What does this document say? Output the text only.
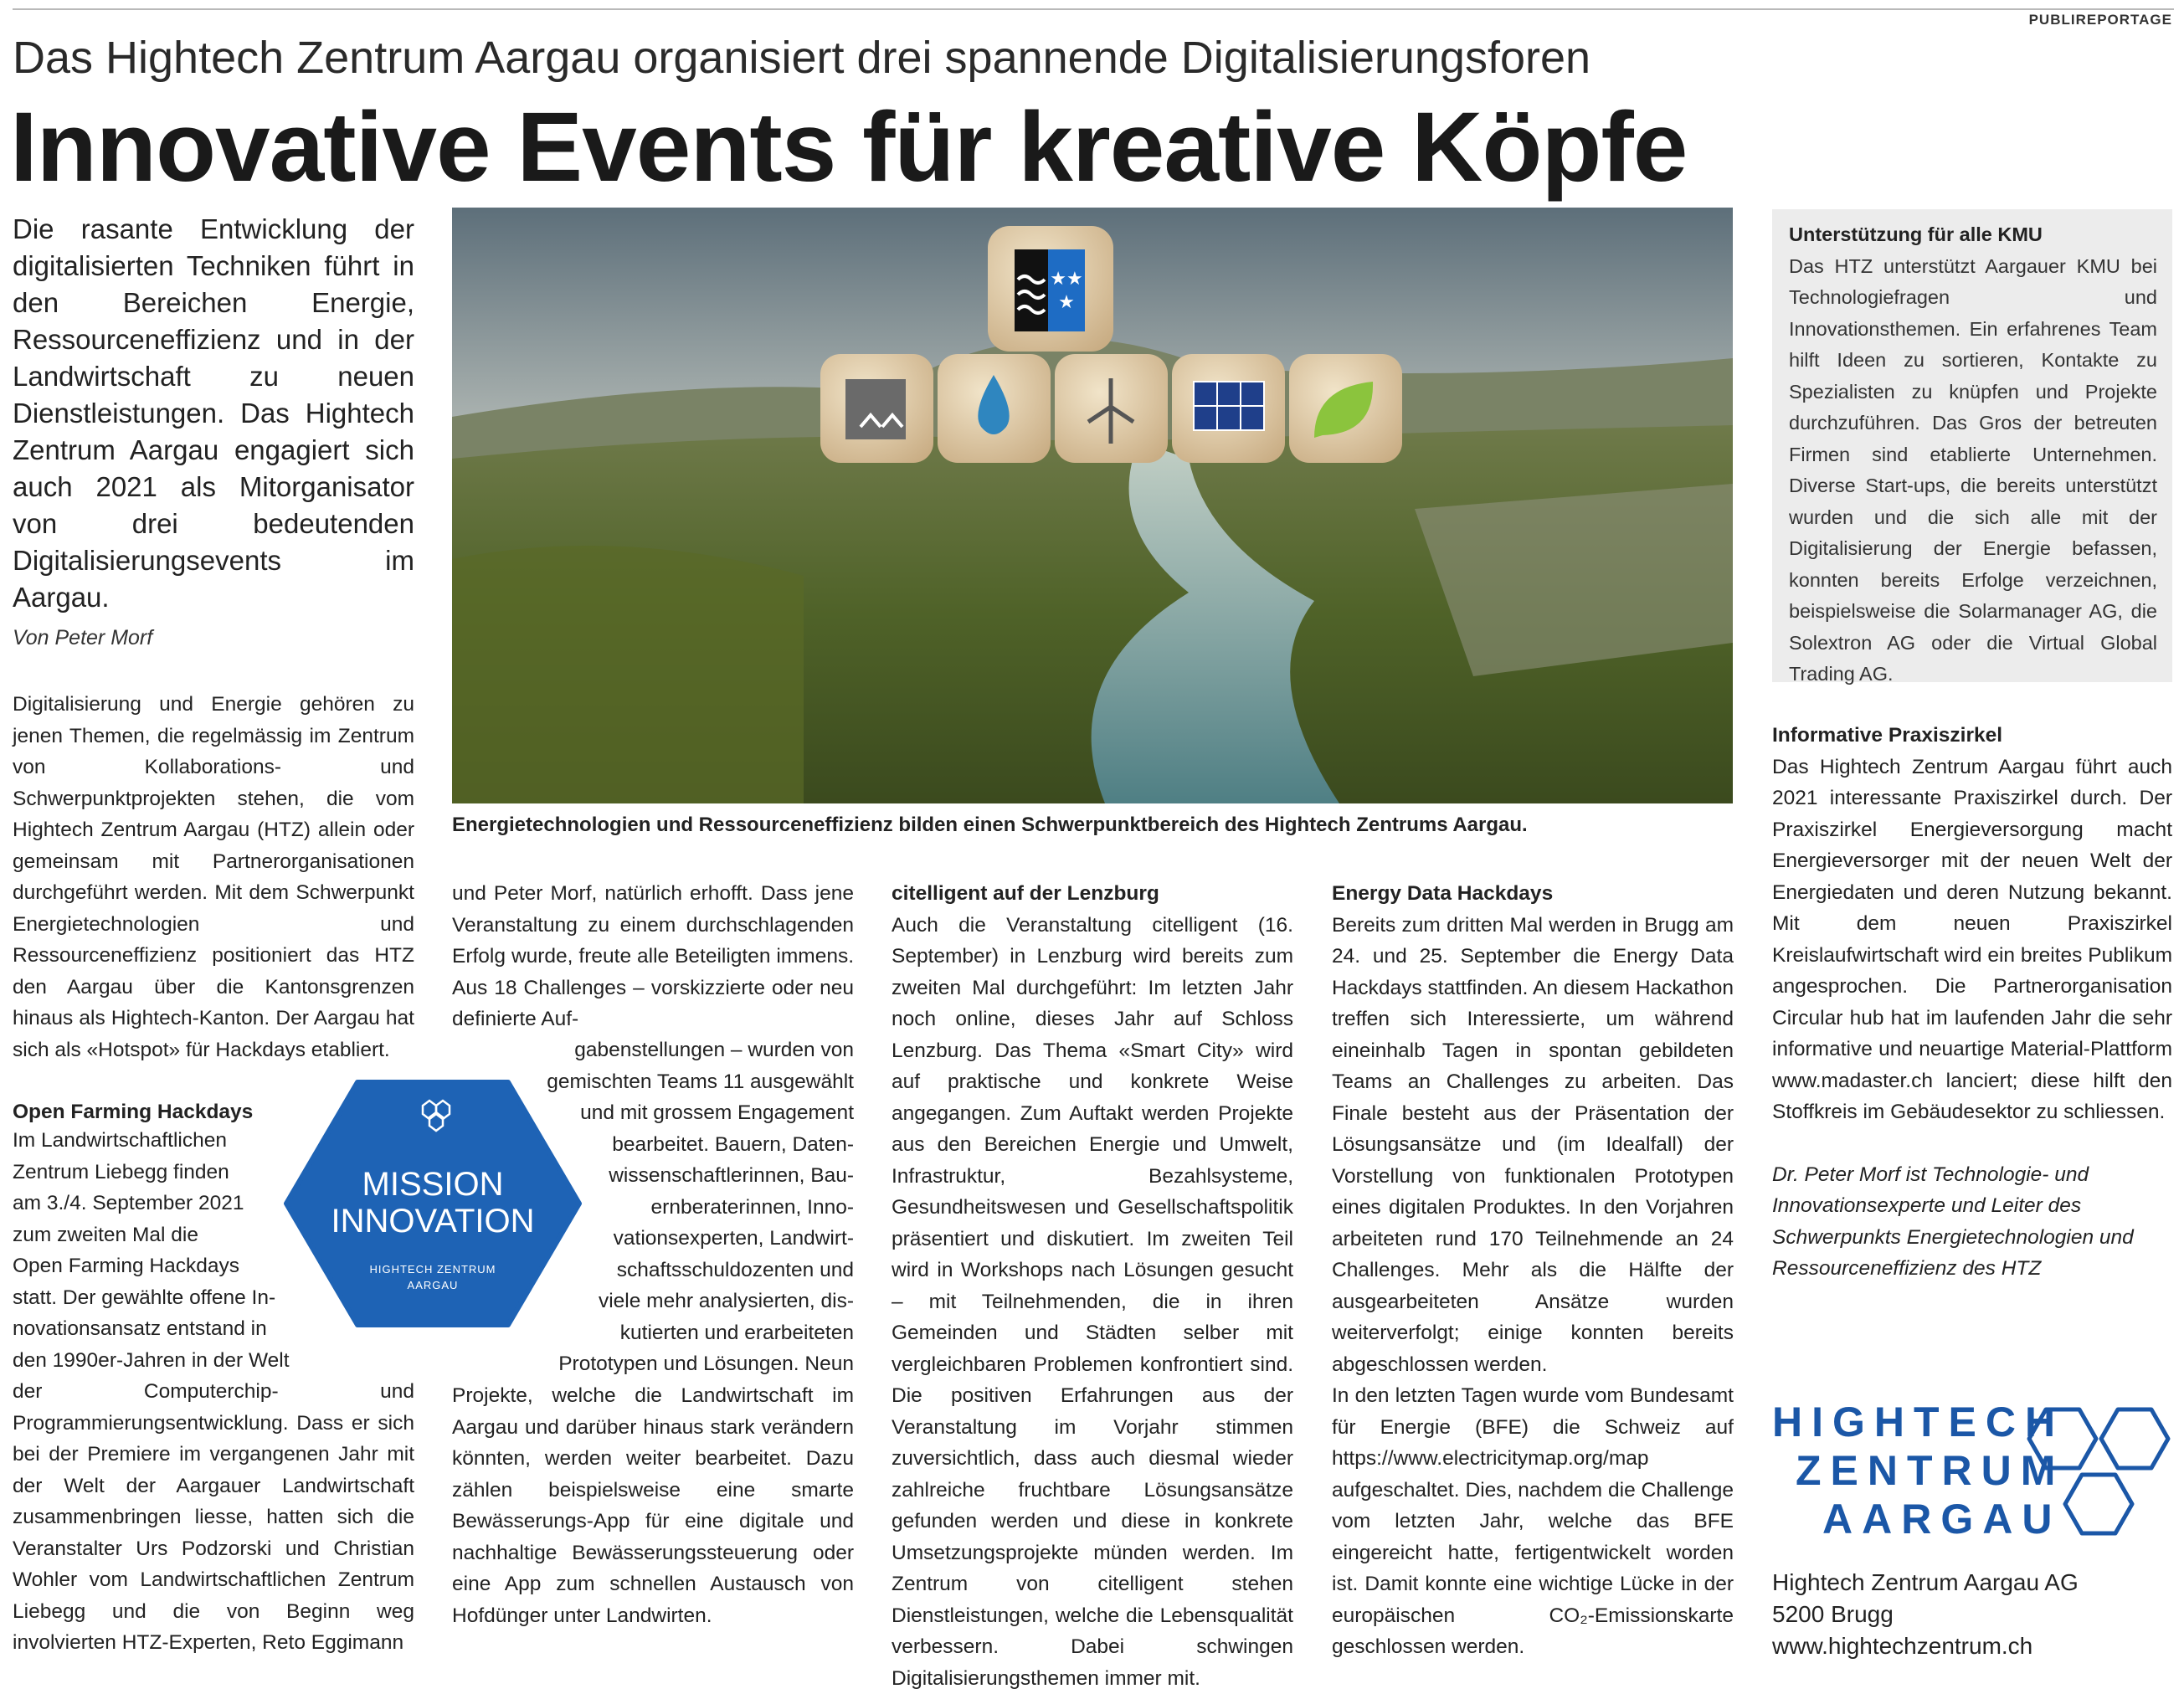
PUBLIREPORTAGE
Das Hightech Zentrum Aargau organisiert drei spannende Digitalisierungsforen
Innovative Events für kreative Köpfe
Die rasante Entwicklung der digitalisierten Techniken führt in den Bereichen Energie, Ressourceneffizienz und in der Landwirtschaft zu neuen Dienstleistungen. Das Hightech Zentrum Aargau engagiert sich auch 2021 als Mitorganisator von drei bedeutenden Digitalisierungsevents im Aargau.
Von Peter Morf

Digitalisierung und Energie gehören zu jenen Themen, die regelmässig im Zentrum von Kollaborations- und Schwerpunktprojekten stehen, die vom Hightech Zentrum Aargau (HTZ) allein oder gemeinsam mit Partnerorganisationen durchgeführt werden. Mit dem Schwerpunkt Energietechnologien und Ressourceneffizienz positioniert das HTZ den Aargau über die Kantonsgrenzen hinaus als Hightech-Kanton. Der Aargau hat sich als «Hotspot» für Hackdays etabliert.

Open Farming Hackdays

Im Landwirtschaftlichen

Zentrum Liebegg finden

am 3./4. September 2021

zum zweiten Mal die

Open Farming Hackdays

statt. Der gewählte offene In-

novationsansatz entstand in

den 1990er-Jahren in der Welt

der Computerchip- und Programmierungsentwicklung. Dass er sich bei der Premiere im vergangenen Jahr mit der Welt der Aargauer Landwirtschaft zusammenbringen liesse, hatten sich die Veranstalter Urs Podzorski und Christian Wohler vom Landwirtschaftlichen Zentrum Liebegg und die von Beginn weg involvierten HTZ-Experten, Reto Eggimann

und Peter Morf, natürlich erhofft. Dass jene Veranstaltung zu einem durchschlagenden Erfolg wurde, freute alle Beteiligten immens. Aus 18 Challenges – vorskizzierte oder neu definierte Auf-

gabenstellungen – wurden von

gemischten Teams 11 ausgewählt

und mit grossem Engagement

bearbeitet. Bauern, Daten-

wissenschaftlerinnen, Bau-

ernberaterinnen, Inno-

vationsexperten, Landwirt-

schaftsschuldozenten und

viele mehr analysierten, dis-

kutierten und erarbeiteten

Prototypen und Lösungen. Neun

Projekte, welche die Landwirtschaft im Aargau und darüber hinaus stark verändern könnten, werden weiter bearbeitet. Dazu zählen beispielsweise eine smarte Bewässerungs-App für eine digitale und nachhaltige Bewässerungssteuerung oder eine App zum schnellen Austausch von Hofdünger unter Landwirten.

MISSION
INNOVATION
HIGHTECH ZENTRUM
AARGAU

citelligent auf der Lenzburg

Auch die Veranstaltung citelligent (16. September) in Lenzburg wird bereits zum zweiten Mal durchgeführt: Im letzten Jahr noch online, dieses Jahr auf Schloss Lenzburg. Das Thema «Smart City» wird auf praktische und konkrete Weise angegangen. Zum Auftakt werden Projekte aus den Bereichen Energie und Umwelt, Infrastruktur, Bezahlsysteme, Gesundheitswesen und Gesellschaftspolitik präsentiert und diskutiert. Im zweiten Teil wird in Workshops nach Lösungen gesucht – mit Teilnehmenden, die in ihren Gemeinden und Städten selber mit vergleichbaren Problemen konfrontiert sind. Die positiven Erfahrungen aus der Veranstaltung im Vorjahr stimmen zuversichtlich, dass auch diesmal wieder zahlreiche fruchtbare Lösungsansätze gefunden werden und diese in konkrete Umsetzungsprojekte münden werden. Im Zentrum von citelligent stehen Dienstleistungen, welche die Lebensqualität verbessern. Dabei schwingen Digitalisierungsthemen immer mit.

Energy Data Hackdays

Bereits zum dritten Mal werden in Brugg am 24. und 25. September die Energy Data Hackdays stattfinden. An diesem Hackathon treffen sich Interessierte, um während eineinhalb Tagen in spontan gebildeten Teams an Challenges zu arbeiten. Das Finale besteht aus der Präsentation der Lösungsansätze und (im Idealfall) der Vorstellung von funktionalen Prototypen eines digitalen Produktes. In den Vorjahren arbeiteten rund 170 Teilnehmende an 24 Challenges. Mehr als die Hälfte der ausgearbeiteten Ansätze wurden weiterverfolgt; einige konnten bereits abgeschlossen werden.

In den letzten Tagen wurde vom Bundesamt für Energie (BFE) die Schweiz auf https://www.electricitymap.org/map aufgeschaltet. Dies, nachdem die Challenge vom letzten Jahr, welche das BFE eingereicht hatte, fertigentwickelt worden ist. Damit konnte eine wichtige Lücke in der europäischen CO₂-Emissionskarte geschlossen werden.

★★
★
Energietechnologien und Ressourceneffizienz bilden einen Schwerpunktbereich des Hightech Zentrums Aargau.
Unterstützung für alle KMU
Das HTZ unterstützt Aargauer KMU bei Technologiefragen und Innovationsthemen. Ein erfahrenes Team hilft Ideen zu sortieren, Kontakte zu Spezialisten zu knüpfen und Projekte durchzuführen. Das Gros der betreuten Firmen sind etablierte Unternehmen. Diverse Start-ups, die bereits unterstützt wurden und die sich alle mit der Digitalisierung der Energie befassen, konnten bereits Erfolge verzeichnen, beispielsweise die Solarmanager AG, die Solextron AG oder die Virtual Global Trading AG.

Informative Praxiszirkel

Das Hightech Zentrum Aargau führt auch 2021 interessante Praxiszirkel durch. Der Praxiszirkel Energieversorgung macht Energieversorger mit der neuen Welt der Energiedaten und deren Nutzung bekannt. Mit dem neuen Praxiszirkel Kreislaufwirtschaft wird ein breites Publikum angesprochen. Die Partnerorganisation Circular hub hat im laufenden Jahr die sehr informative und neuartige Material-Plattform www.madaster.ch lanciert; diese hilft den Stoffkreis im Gebäudesektor zu schliessen.

Dr. Peter Morf ist Technologie- und Innovationsexperte und Leiter des Schwerpunkts Energietechnologien und Ressourceneffizienz des HTZ

HIGHTECH
ZENTRUM
AARGAU
Hightech Zentrum Aargau AG
5200 Brugg
www.hightechzentrum.ch
